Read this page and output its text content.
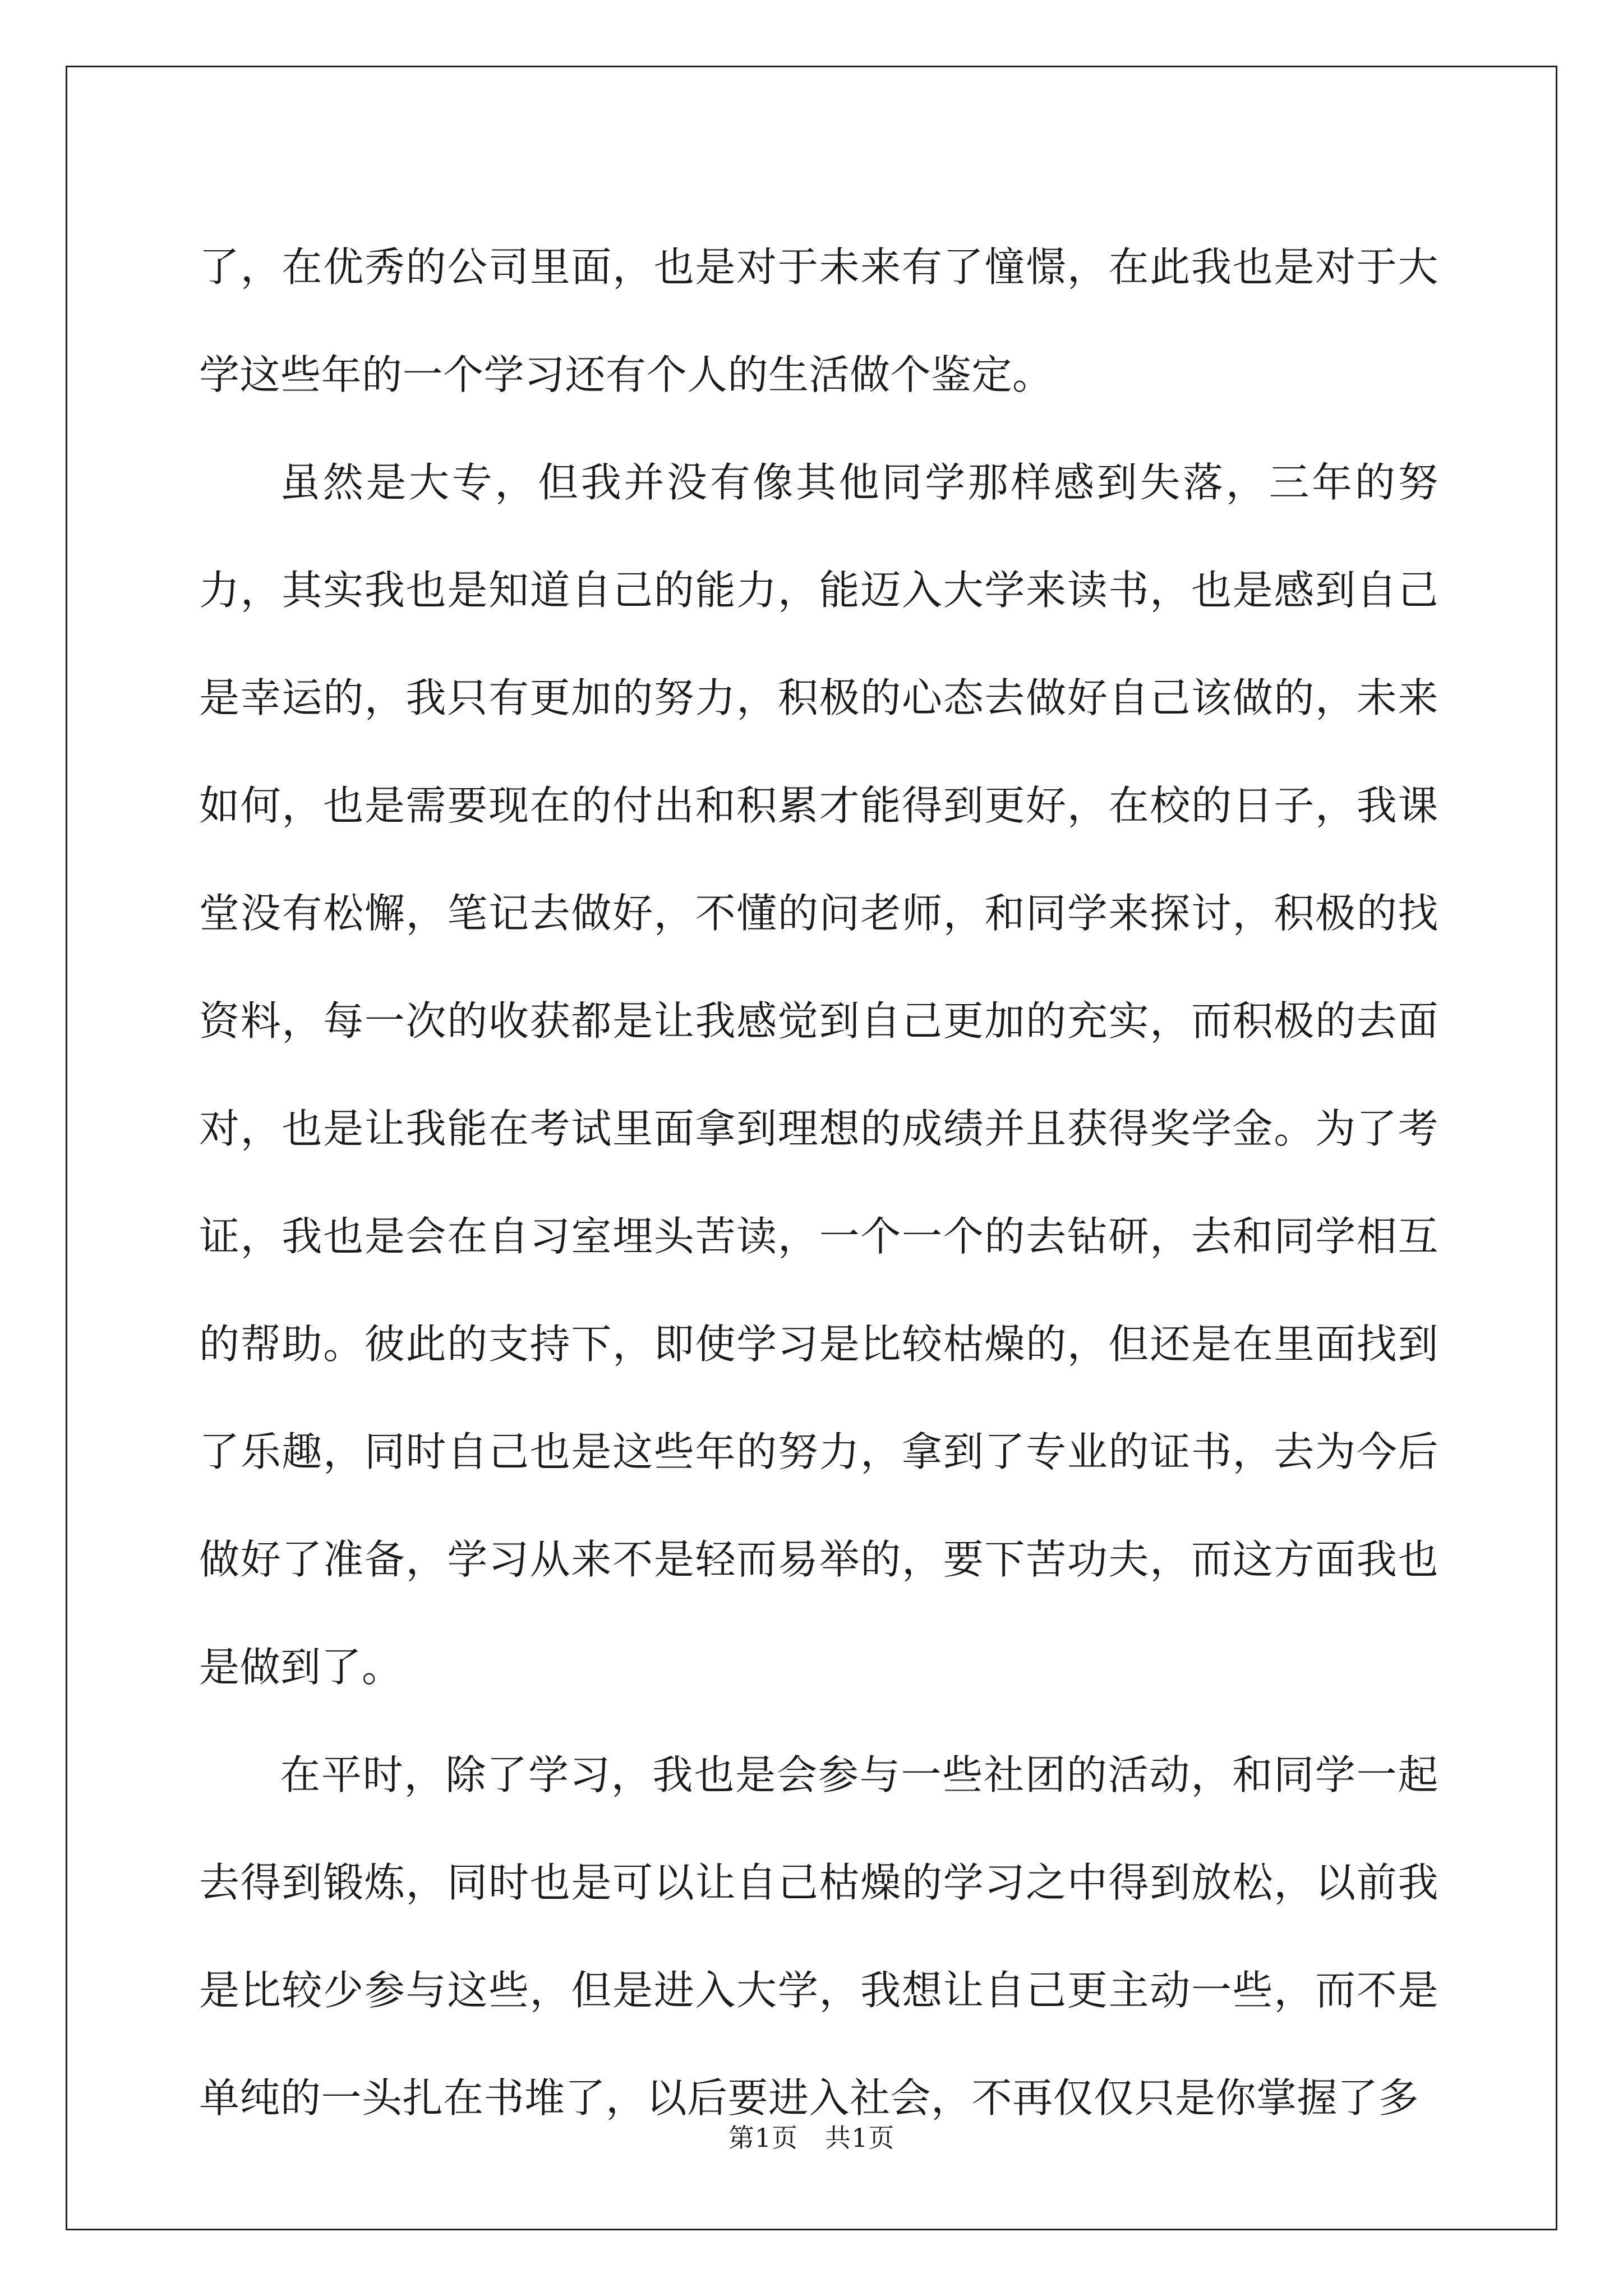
了，在优秀的公司里面，也是对于未来有了憧憬，在此我也是对于大学这些年的一个学习还有个人的生活做个鉴定。

虽然是大专，但我并没有像其他同学那样感到失落，三年的努力，其实我也是知道自己的能力，能迈入大学来读书，也是感到自己是幸运的，我只有更加的努力，积极的心态去做好自己该做的，未来如何，也是需要现在的付出和积累才能得到更好，在校的日子，我课堂没有松懈，笔记去做好，不懂的问老师，和同学来探讨，积极的找资料，每一次的收获都是让我感觉到自己更加的充实，而积极的去面对，也是让我能在考试里面拿到理想的成绩并且获得奖学金。为了考证，我也是会在自习室埋头苦读，一个一个的去钻研，去和同学相互的帮助。彼此的支持下，即使学习是比较枯燥的，但还是在里面找到了乐趣，同时自己也是这些年的努力，拿到了专业的证书，去为今后做好了准备，学习从来不是轻而易举的，要下苦功夫，而这方面我也是做到了。

在平时，除了学习，我也是会参与一些社团的活动，和同学一起去得到锻炼，同时也是可以让自己枯燥的学习之中得到放松，以前我是比较少参与这些，但是进入大学，我想让自己更主动一些，而不是单纯的一头扎在书堆了，以后要进入社会，不再仅仅只是你掌握了多

第1页 共1页
